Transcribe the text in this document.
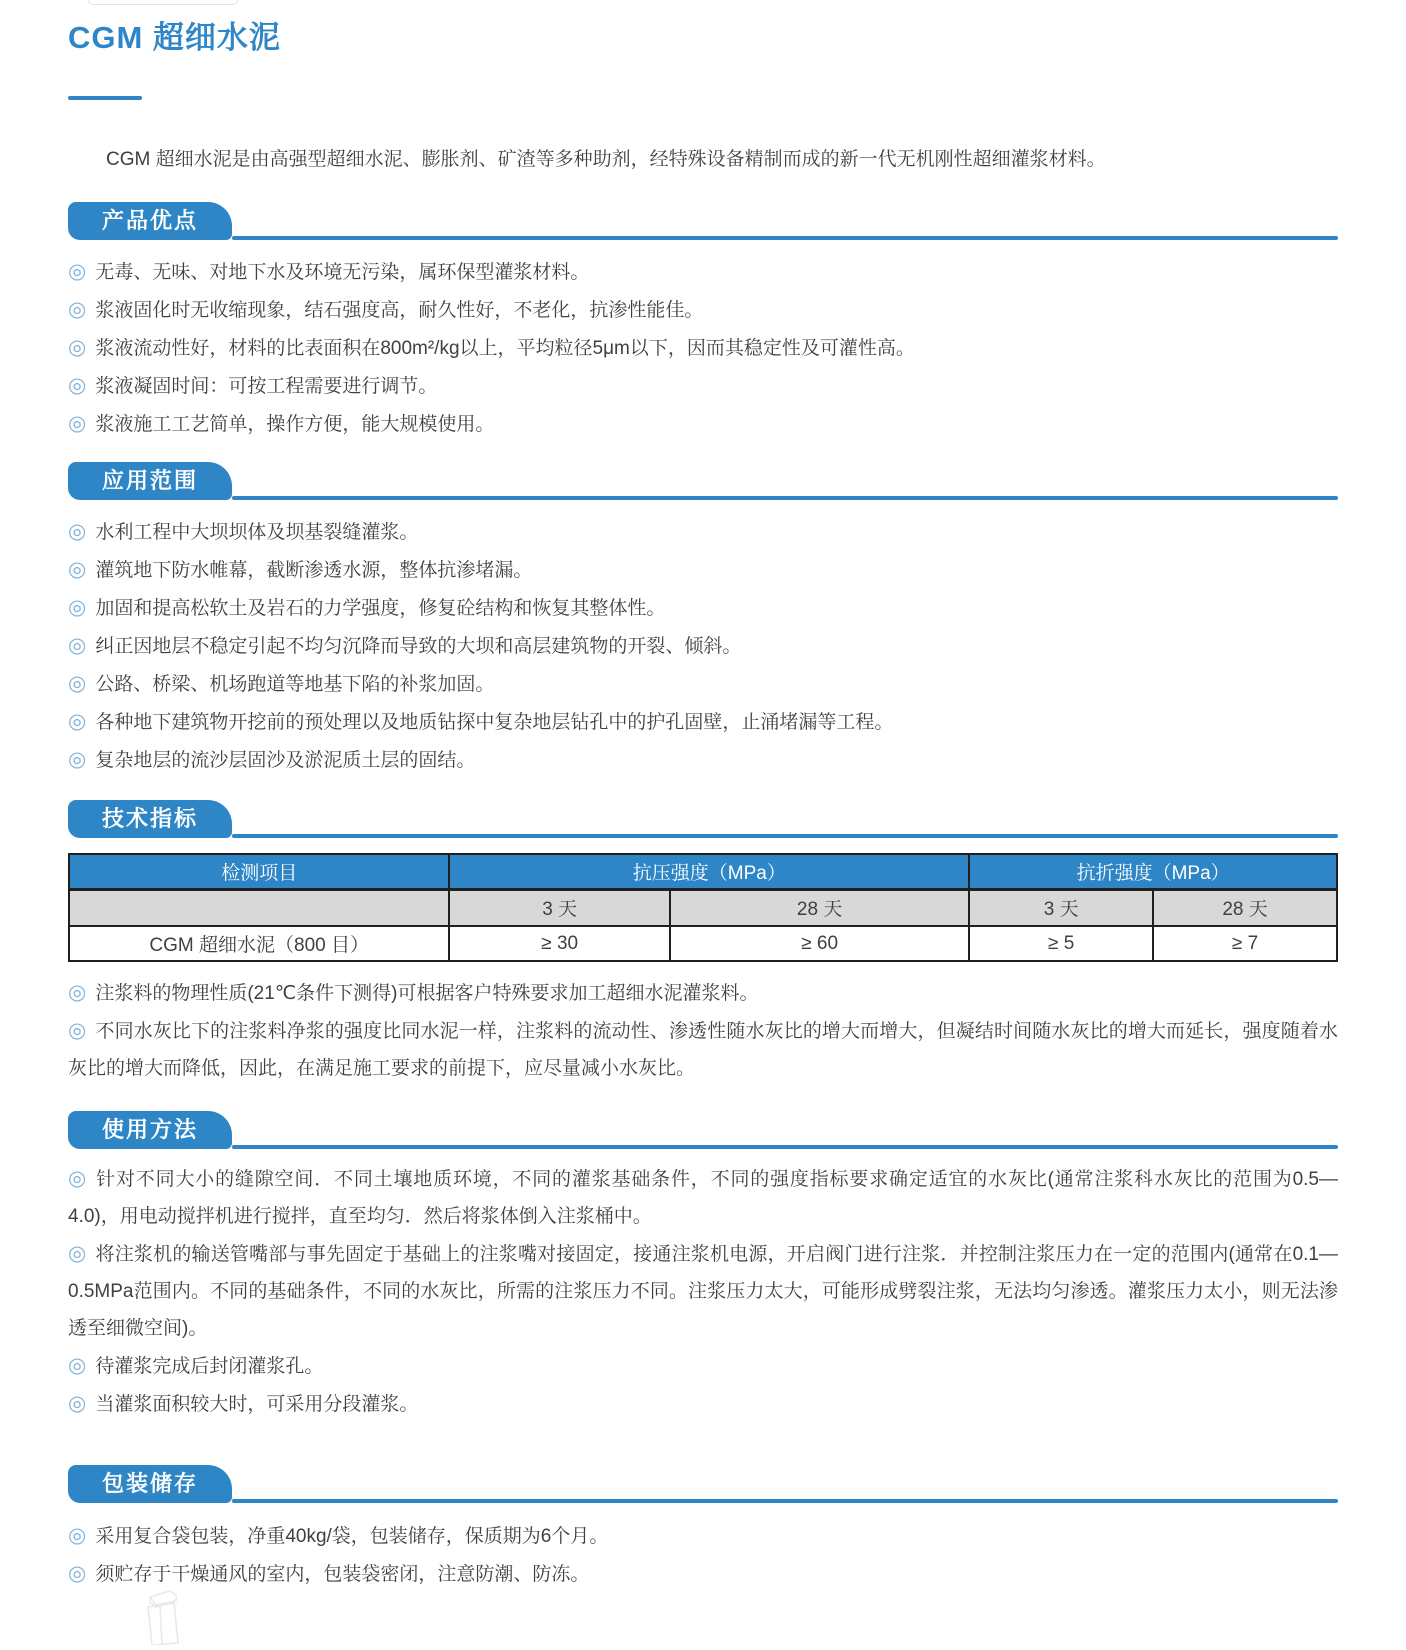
CGM 超细水泥

CGM 超细水泥是由高强型超细水泥、膨胀剂、矿渣等多种助剂，经特殊设备精制而成的新一代无机刚性超细灌浆材料。

产品优点

◎ 无毒、无味、对地下水及环境无污染，属环保型灌浆材料。

◎ 浆液固化时无收缩现象，结石强度高，耐久性好，不老化，抗渗性能佳。

◎ 浆液流动性好，材料的比表面积在800m²/kg以上，平均粒径5μm以下，因而其稳定性及可灌性高。

◎ 浆液凝固时间：可按工程需要进行调节。

◎ 浆液施工工艺简单，操作方便，能大规模使用。

应用范围

◎ 水利工程中大坝坝体及坝基裂缝灌浆。

◎ 灌筑地下防水帷幕，截断渗透水源，整体抗渗堵漏。

◎ 加固和提高松软土及岩石的力学强度，修复砼结构和恢复其整体性。

◎ 纠正因地层不稳定引起不均匀沉降而导致的大坝和高层建筑物的开裂、倾斜。

◎ 公路、桥梁、机场跑道等地基下陷的补浆加固。

◎ 各种地下建筑物开挖前的预处理以及地质钻探中复杂地层钻孔中的护孔固壁，止涌堵漏等工程。

◎ 复杂地层的流沙层固沙及淤泥质土层的固结。

技术指标
检测项目	抗压强度（MPa）		抗折强度（MPa）	
	3 天	28 天	3 天	28 天
CGM 超细水泥（800 目）	≥ 30	≥ 60	≥ 5	≥ 7

◎ 注浆料的物理性质(21℃条件下测得)可根据客户特殊要求加工超细水泥灌浆料。

◎ 不同水灰比下的注浆料净浆的强度比同水泥一样，注浆料的流动性、渗透性随水灰比的增大而增大，但凝结时间随水灰比的增大而延长，强度随着水灰比的增大而降低，因此，在满足施工要求的前提下，应尽量减小水灰比。

使用方法

◎ 针对不同大小的缝隙空间．不同土壤地质环境，不同的灌浆基础条件，不同的强度指标要求确定适宜的水灰比(通常注浆科水灰比的范围为0.5—4.0)，用电动搅拌机进行搅拌，直至均匀．然后将浆体倒入注浆桶中。

◎ 将注浆机的输送管嘴部与事先固定于基础上的注浆嘴对接固定，接通注浆机电源，开启阀门进行注浆．并控制注浆压力在一定的范围内(通常在0.1—0.5MPa范围内。不同的基础条件，不同的水灰比，所需的注浆压力不同。注浆压力太大，可能形成劈裂注浆，无法均匀渗透。灌浆压力太小，则无法渗透至细微空间)。

◎ 待灌浆完成后封闭灌浆孔。

◎ 当灌浆面积较大时，可采用分段灌浆。

包装储存

◎ 采用复合袋包装，净重40kg/袋，包装储存，保质期为6个月。

◎ 须贮存于干燥通风的室内，包装袋密闭，注意防潮、防冻。
